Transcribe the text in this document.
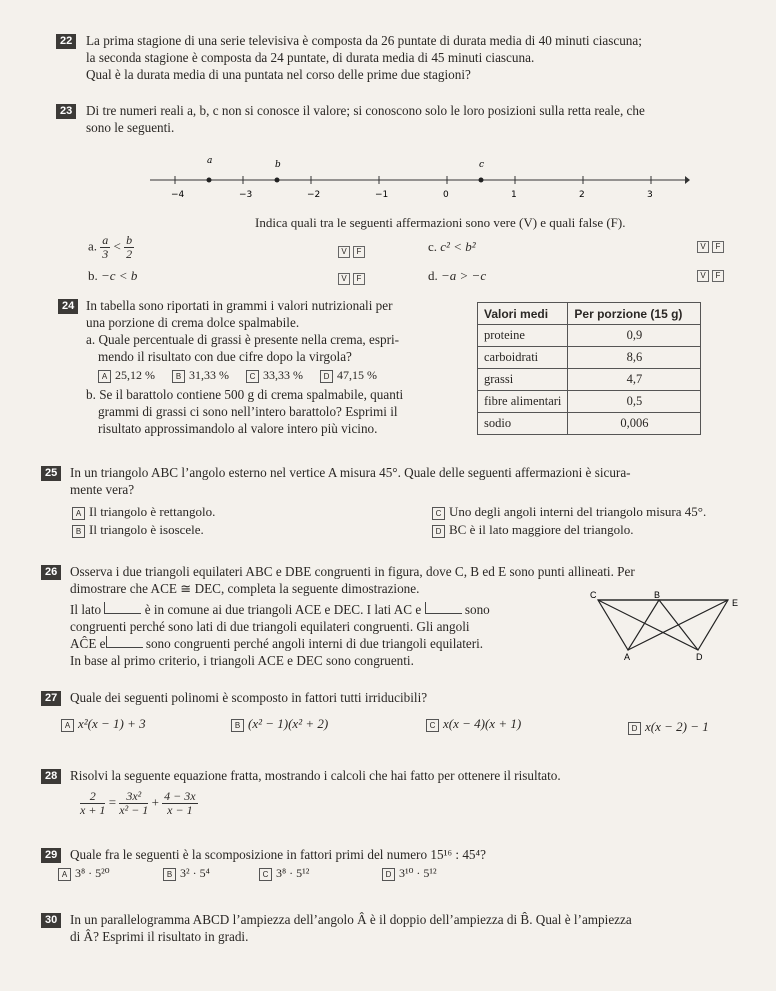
22	La prima stagione di una serie televisiva è composta da 26 puntate di durata media di 40 minuti ciascuna;
la seconda stagione è composta da 24 puntate, di durata media di 45 minuti ciascuna.
Qual è la durata media di una puntata nel corso delle prime due stagioni?
23	Di tre numeri reali a, b, c non si conosce il valore; si conoscono solo le loro posizioni sulla retta reale, che
sono le seguenti.
−4	−3	−2	−1	0	1	2	3
a	b	c
Indica quali tra le seguenti affermazioni sono vere (V) e quali false (F).
a. $\frac{a}{3} < \frac{b}{2}$	V F	c. c² < b²	V F
b. −c < b	V F	d. −a > −c	V F
24 In tabella sono riportati in grammi i valori nutrizionali per
una porzione di crema dolce spalmabile.
a. Quale percentuale di grassi è presente nella crema, espri-
mendo il risultato con due cifre dopo la virgola?
A 25,12 %	B 31,33 %	C 33,33 %	D 47,15 %
b. Se il barattolo contiene 500 g di crema spalmabile, quanti
grammi di grassi ci sono nell’intero barattolo? Esprimi il
risultato approssimandolo al valore intero più vicino.
Valori medi	Per porzione (15 g)
proteine	0,9
carboidrati	8,6
grassi	4,7
fibre alimentari	0,5
sodio	0,006
25 In un triangolo ABC l’angolo esterno nel vertice A misura 45°. Quale delle seguenti affermazioni è sicura-
mente vera?
A Il triangolo è rettangolo.
B Il triangolo è isoscele.
C Uno degli angoli interni del triangolo misura 45°.
D BC è il lato maggiore del triangolo.
26 Osserva i due triangoli equilateri ABC e DBE congruenti in figura, dove C, B ed E sono punti allineati. Per
dimostrare che ACE ≅ DEC, completa la seguente dimostrazione.
Il lato	è in comune ai due triangoli ACE e DEC. I lati AC e	sono
congruenti perché sono lati di due triangoli equilateri congruenti. Gli angoli
AĈE e	sono congruenti perché angoli interni di due triangoli equilateri.
In base al primo criterio, i triangoli ACE e DEC sono congruenti.
C	B
E
A	D
27 Quale dei seguenti polinomi è scomposto in fattori tutti irriducibili?
A x²(x − 1) + 3	B (x² − 1)(x² + 2)	C x(x − 4)(x + 1)	D x(x − 2) − 1
28 Risolvi la seguente equazione fratta, mostrando i calcoli che hai fatto per ottenere il risultato.
$\frac{2}{x + 1} = \frac{\text{3x²}}{\text{x² − 1}} + \frac{4 - 3x}{x - 1}$
29 Quale fra le seguenti è la scomposizione in fattori primi del numero 15¹⁶ : 45⁴?
A 3⁸ · 5²⁰	B 3² · 5⁴	C 3⁸ · 5¹²	D 3¹⁰ · 5¹²
30 In un parallelogramma ABCD l’ampiezza dell’angolo Â è il doppio dell’ampiezza di B̂. Qual è l’ampiezza
di Â? Esprimi il risultato in gradi.
